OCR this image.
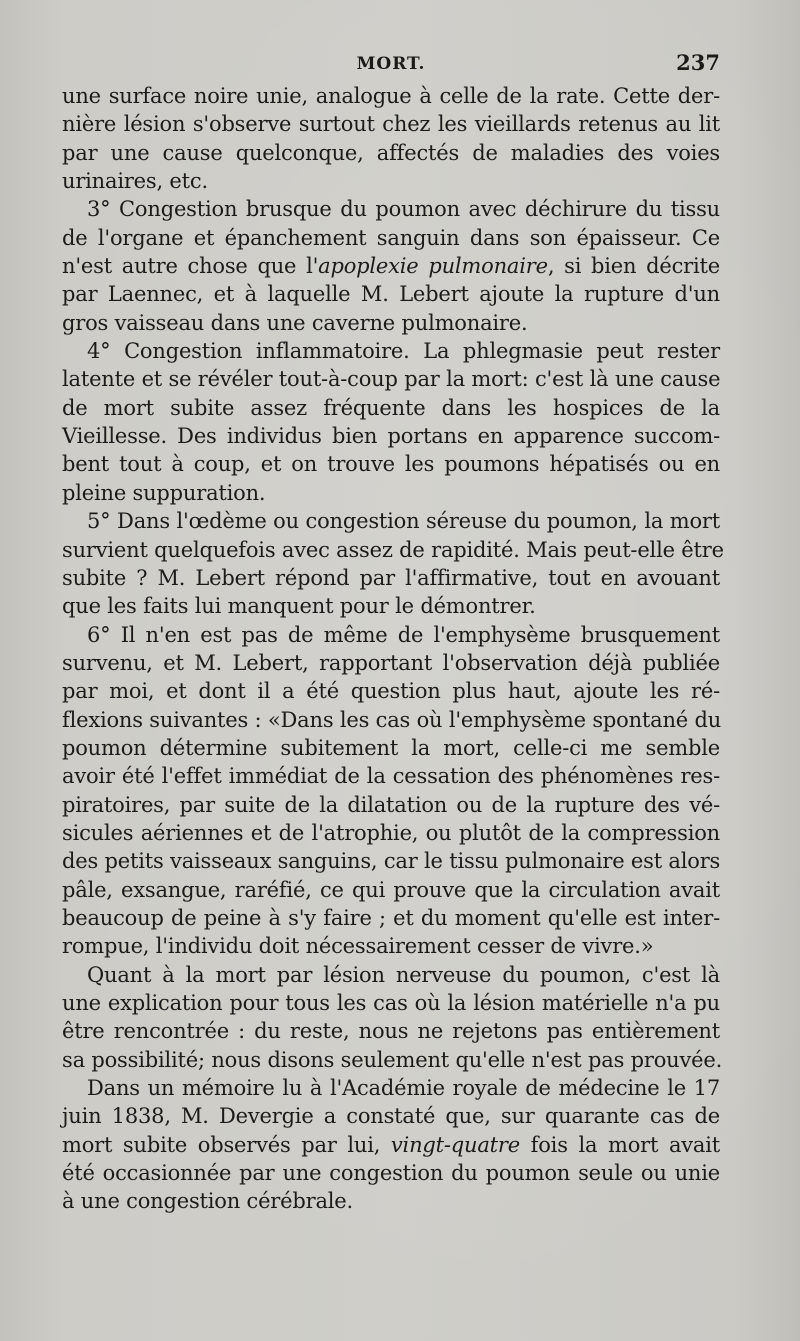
MORT.	237
une surface noire unie, analogue à celle de la rate. Cette der-
nière lésion s'observe surtout chez les vieillards retenus au lit
par une cause quelconque, affectés de maladies des voies
urinaires, etc.
3° Congestion brusque du poumon avec déchirure du tissu
de l'organe et épanchement sanguin dans son épaisseur. Ce
n'est autre chose que l'apoplexie pulmonaire, si bien décrite
par Laennec, et à laquelle M. Lebert ajoute la rupture d'un
gros vaisseau dans une caverne pulmonaire.
4° Congestion inflammatoire. La phlegmasie peut rester
latente et se révéler tout-à-coup par la mort: c'est là une cause
de mort subite assez fréquente dans les hospices de la
Vieillesse. Des individus bien portans en apparence succom-
bent tout à coup, et on trouve les poumons hépatisés ou en
pleine suppuration.
5° Dans l'œdème ou congestion séreuse du poumon, la mort
survient quelquefois avec assez de rapidité. Mais peut-elle être
subite ? M. Lebert répond par l'affirmative, tout en avouant
que les faits lui manquent pour le démontrer.
6° Il n'en est pas de même de l'emphysème brusquement
survenu, et M. Lebert, rapportant l'observation déjà publiée
par moi, et dont il a été question plus haut, ajoute les ré-
flexions suivantes : «Dans les cas où l'emphysème spontané du
poumon détermine subitement la mort, celle-ci me semble
avoir été l'effet immédiat de la cessation des phénomènes res-
piratoires, par suite de la dilatation ou de la rupture des vé-
sicules aériennes et de l'atrophie, ou plutôt de la compression
des petits vaisseaux sanguins, car le tissu pulmonaire est alors
pâle, exsangue, raréfié, ce qui prouve que la circulation avait
beaucoup de peine à s'y faire ; et du moment qu'elle est inter-
rompue, l'individu doit nécessairement cesser de vivre.»
Quant à la mort par lésion nerveuse du poumon, c'est là
une explication pour tous les cas où la lésion matérielle n'a pu
être rencontrée : du reste, nous ne rejetons pas entièrement
sa possibilité; nous disons seulement qu'elle n'est pas prouvée.
Dans un mémoire lu à l'Académie royale de médecine le 17
juin 1838, M. Devergie a constaté que, sur quarante cas de
mort subite observés par lui, vingt-quatre fois la mort avait
été occasionnée par une congestion du poumon seule ou unie
à une congestion cérébrale.
